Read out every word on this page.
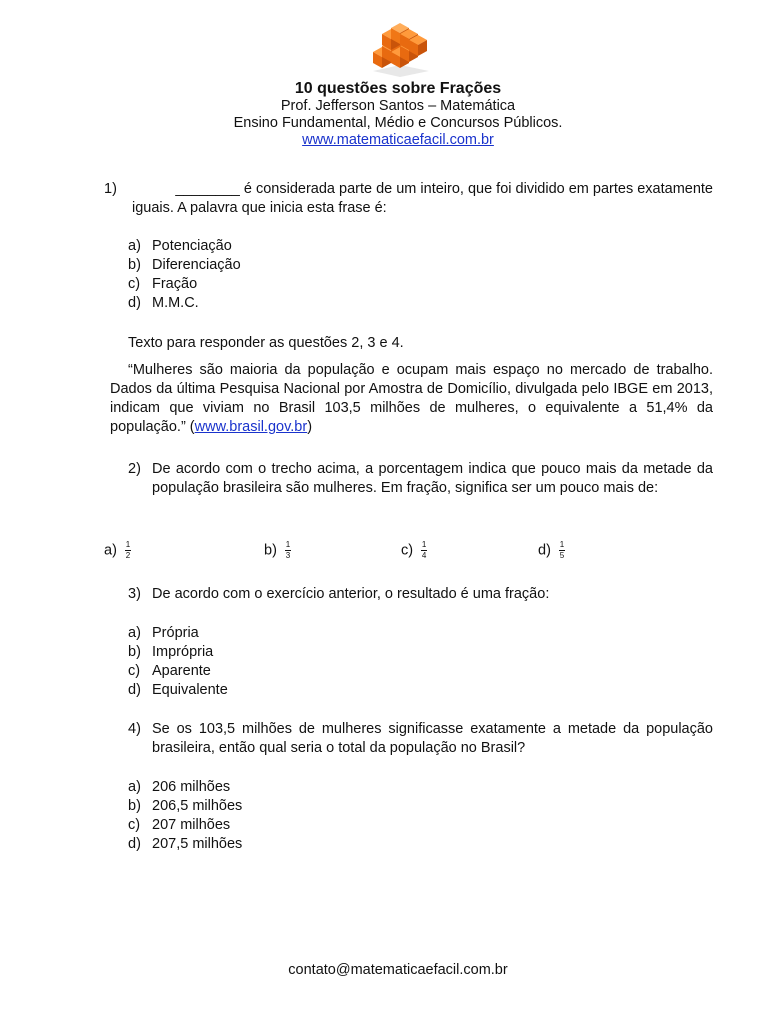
10 questões sobre Frações
Prof. Jefferson Santos – Matemática
Ensino Fundamental, Médio e Concursos Públicos.
www.matematicaefacil.com.br
1)	________ é considerada parte de um inteiro, que foi dividido em partes exatamente
iguais. A palavra que inicia esta frase é:
a) Potenciação
b) Diferenciação
c) Fração
d) M.M.C.
Texto para responder as questões 2, 3 e 4.
“Mulheres são maioria da população e ocupam mais espaço no mercado de trabalho. Dados da última Pesquisa Nacional por Amostra de Domicílio, divulgada pelo IBGE em 2013, indicam que viviam no Brasil 103,5 milhões de mulheres, o equivalente a 51,4% da população.” (www.brasil.gov.br)
2) De acordo com o trecho acima, a porcentagem indica que pouco mais da metade da população brasileira são mulheres. Em fração, significa ser um pouco mais de:
$a) \frac{1}{2}$	$b) \frac{1}{3}$	$c) \frac{1}{4}$	$d) \frac{1}{5}$
3) De acordo com o exercício anterior, o resultado é uma fração:
a) Própria
b) Imprópria
c) Aparente
d) Equivalente
4) Se os 103,5 milhões de mulheres significasse exatamente a metade da população brasileira, então qual seria o total da população no Brasil?
a) 206 milhões
b) 206,5 milhões
c) 207 milhões
d) 207,5 milhões
contato@matematicaefacil.com.br
